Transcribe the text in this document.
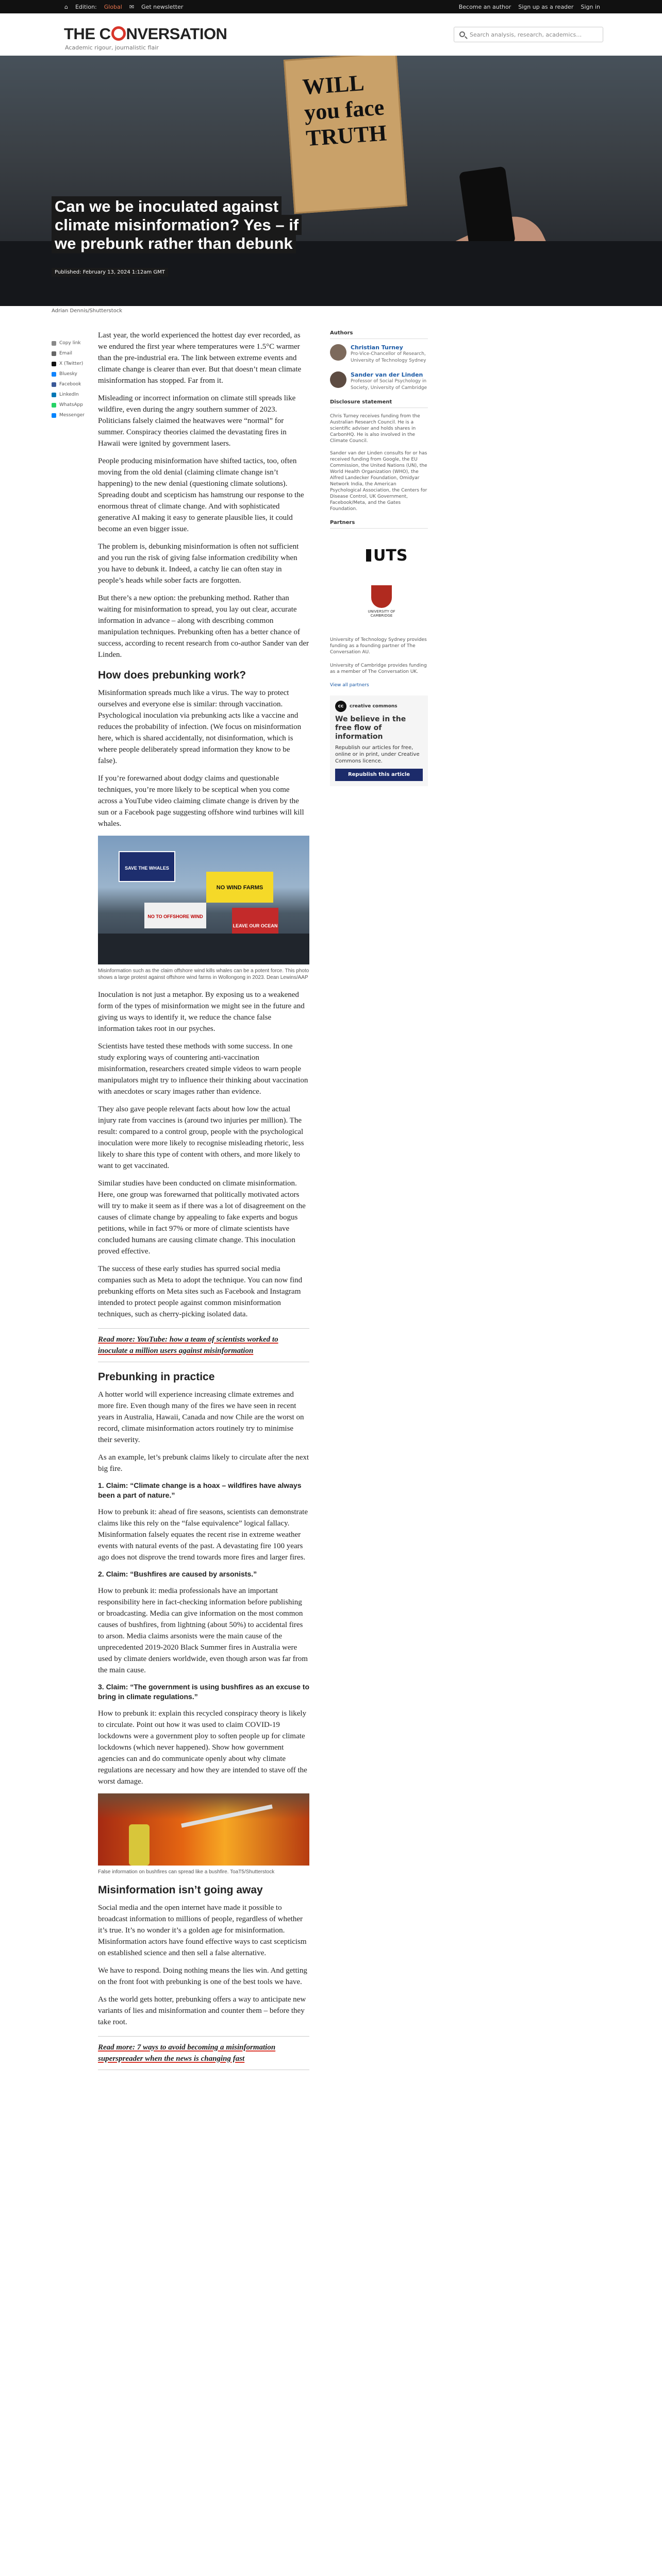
⌂ Edition: Global ✉ Get newsletter	Become an author Sign up as a reader Sign in
THE C NVERSATION
Academic rigour, journalistic flair
Search analysis, research, academics…
WILL you face TRUTH
Can we be inoculated against climate misinformation? Yes – if we prebunk rather than debunk
Published: February 13, 2024 1:12am GMT
Adrian Dennis/Shutterstock
Copy link
Email
X (Twitter)
Bluesky
Facebook
LinkedIn
WhatsApp
Messenger

Last year, the world experienced the hottest day ever recorded, as we endured the first year where temperatures were 1.5°C warmer than the pre-industrial era. The link between extreme events and climate change is clearer than ever. But that doesn’t mean climate misinformation has stopped. Far from it.

Misleading or incorrect information on climate still spreads like wildfire, even during the angry southern summer of 2023. Politicians falsely claimed the heatwaves were “normal” for summer. Conspiracy theories claimed the devastating fires in Hawaii were ignited by government lasers.

People producing misinformation have shifted tactics, too, often moving from the old denial (claiming climate change isn’t happening) to the new denial (questioning climate solutions). Spreading doubt and scepticism has hamstrung our response to the enormous threat of climate change. And with sophisticated generative AI making it easy to generate plausible lies, it could become an even bigger issue.

The problem is, debunking misinformation is often not sufficient and you run the risk of giving false information credibility when you have to debunk it. Indeed, a catchy lie can often stay in people’s heads while sober facts are forgotten.

But there’s a new option: the prebunking method. Rather than waiting for misinformation to spread, you lay out clear, accurate information in advance – along with describing common manipulation techniques. Prebunking often has a better chance of success, according to recent research from co-author Sander van der Linden.

How does prebunking work?

Misinformation spreads much like a virus. The way to protect ourselves and everyone else is similar: through vaccination. Psychological inoculation via prebunking acts like a vaccine and reduces the probability of infection. (We focus on misinformation here, which is shared accidentally, not disinformation, which is where people deliberately spread information they know to be false).

If you’re forewarned about dodgy claims and questionable techniques, you’re more likely to be sceptical when you come across a YouTube video claiming climate change is driven by the sun or a Facebook page suggesting offshore wind turbines will kill whales.

SAVE THE WHALES
NO WIND FARMS
NO TO OFFSHORE WIND
LEAVE OUR OCEAN
Misinformation such as the claim offshore wind kills whales can be a potent force. This photo shows a large protest against offshore wind farms in Wollongong in 2023. Dean Lewins/AAP

Inoculation is not just a metaphor. By exposing us to a weakened form of the types of misinformation we might see in the future and giving us ways to identify it, we reduce the chance false information takes root in our psyches.

Scientists have tested these methods with some success. In one study exploring ways of countering anti-vaccination misinformation, researchers created simple videos to warn people manipulators might try to influence their thinking about vaccination with anecdotes or scary images rather than evidence.

They also gave people relevant facts about how low the actual injury rate from vaccines is (around two injuries per million). The result: compared to a control group, people with the psychological inoculation were more likely to recognise misleading rhetoric, less likely to share this type of content with others, and more likely to want to get vaccinated.

Similar studies have been conducted on climate misinformation. Here, one group was forewarned that politically motivated actors will try to make it seem as if there was a lot of disagreement on the causes of climate change by appealing to fake experts and bogus petitions, while in fact 97% or more of climate scientists have concluded humans are causing climate change. This inoculation proved effective.

The success of these early studies has spurred social media companies such as Meta to adopt the technique. You can now find prebunking efforts on Meta sites such as Facebook and Instagram intended to protect people against common misinformation techniques, such as cherry-picking isolated data.

Read more: YouTube: how a team of scientists worked to inoculate a million users against misinformation

Prebunking in practice

A hotter world will experience increasing climate extremes and more fire. Even though many of the fires we have seen in recent years in Australia, Hawaii, Canada and now Chile are the worst on record, climate misinformation actors routinely try to minimise their severity.

As an example, let’s prebunk claims likely to circulate after the next big fire.

1. Claim: “Climate change is a hoax – wildfires have always been a part of nature.”

How to prebunk it: ahead of fire seasons, scientists can demonstrate claims like this rely on the “false equivalence” logical fallacy. Misinformation falsely equates the recent rise in extreme weather events with natural events of the past. A devastating fire 100 years ago does not disprove the trend towards more fires and larger fires.

2. Claim: “Bushfires are caused by arsonists.”

How to prebunk it: media professionals have an important responsibility here in fact-checking information before publishing or broadcasting. Media can give information on the most common causes of bushfires, from lightning (about 50%) to accidental fires to arson. Media claims arsonists were the main cause of the unprecedented 2019-2020 Black Summer fires in Australia were used by climate deniers worldwide, even though arson was far from the main cause.

3. Claim: “The government is using bushfires as an excuse to bring in climate regulations.”

How to prebunk it: explain this recycled conspiracy theory is likely to circulate. Point out how it was used to claim COVID-19 lockdowns were a government ploy to soften people up for climate lockdowns (which never happened). Show how government agencies can and do communicate openly about why climate regulations are necessary and how they are intended to stave off the worst damage.

False information on bushfires can spread like a bushfire. ToaT5/Shutterstock
Misinformation isn’t going away

Social media and the open internet have made it possible to broadcast information to millions of people, regardless of whether it’s true. It’s no wonder it’s a golden age for misinformation. Misinformation actors have found effective ways to cast scepticism on established science and then sell a false alternative.

We have to respond. Doing nothing means the lies win. And getting on the front foot with prebunking is one of the best tools we have.

As the world gets hotter, prebunking offers a way to anticipate new variants of lies and misinformation and counter them – before they take root.

Read more: 7 ways to avoid becoming a misinformation superspreader when the news is changing fast

Authors
Christian Turney
Pro-Vice-Chancellor of Research, University of Technology Sydney
Sander van der Linden
Professor of Social Psychology in Society, University of Cambridge
Disclosure statement
Chris Turney receives funding from the Australian Research Council. He is a scientific adviser and holds shares in CarbonHQ. He is also involved in the Climate Council.

Sander van der Linden consults for or has received funding from Google, the EU Commission, the United Nations (UN), the World Health Organization (WHO), the Alfred Landecker Foundation, Omidyar Network India, the American Psychological Association, the Centers for Disease Control, UK Government, Facebook/Meta, and the Gates Foundation.
Partners
UTS
UNIVERSITY OF CAMBRIDGE
University of Technology Sydney provides funding as a founding partner of The Conversation AU.
University of Cambridge provides funding as a member of The Conversation UK.
View all partners
cc	creative commons
We believe in the free flow of information
Republish our articles for free, online or in print, under Creative Commons licence.
Republish this article
